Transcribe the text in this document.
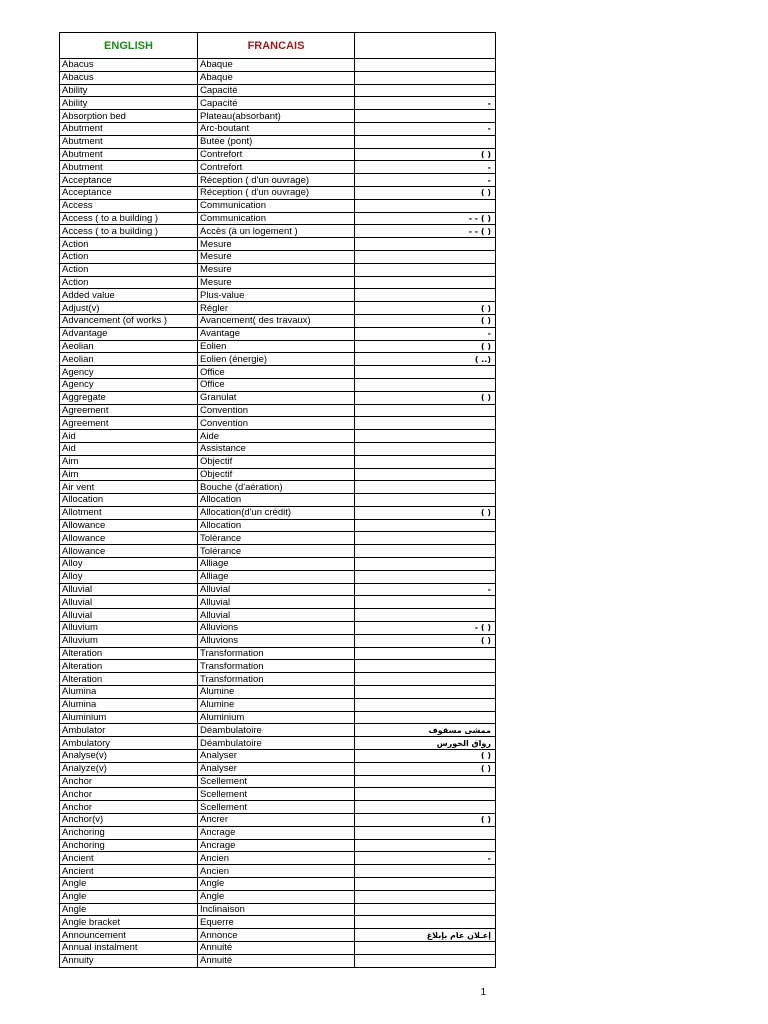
ENGLISH	FRANCAIS	
Abacus	Abaque	
Abacus	Abaque	
Ability	Capacité	
Ability	Capacité	-
Absorption bed	Plateau(absorbant)	
Abutment	Arc-boutant	-
Abutment	Butée (pont)	
Abutment	Contrefort	( )
Abutment	Contrefort	-
Acceptance	Réception ( d'un ouvrage)	-
Acceptance	Réception ( d'un ouvrage)	( )
Access	Communication	
Access ( to a building )	Communication	( ) - -
Access ( to a building )	Accès (à un logement )	( ) - -
Action	Mesure	
Action	Mesure	
Action	Mesure	
Action	Mesure	
Added value	Plus-value	
Adjust(v)	Régler	( )
Advancement (of works )	Avancement( des travaux)	( )
Advantage	Avantage	-
Aeolian	Eolien	( )
Aeolian	Eolien (énergie)	(.. )
Agency	Office	
Agency	Office	
Aggregate	Granulat	( )
Agreement	Convention	
Agreement	Convention	
Aid	Aide	
Aid	Assistance	
Aim	Objectif	
Aim	Objectif	
Air vent	Bouche (d'aération)	
Allocation	Allocation	
Allotment	Allocation(d'un crédit)	( )
Allowance	Allocation	
Allowance	Tolérance	
Allowance	Tolérance	
Alloy	Alliage	
Alloy	Alliage	
Alluvial	Alluvial	-
Alluvial	Alluvial	
Alluvial	Alluvial	
Alluvium	Alluvions	( ) -
Alluvium	Alluvions	( )
Alteration	Transformation	
Alteration	Transformation	
Alteration	Transformation	
Alumina	Alumine	
Alumina	Alumine	
Aluminium	Aluminium	
Ambulator	Déambulatoire	ممشى مسقوف
Ambulatory	Déambulatoire	رواق الخورس
Analyse(v)	Analyser	( )
Analyze(v)	Analyser	( )
Anchor	Scellement	
Anchor	Scellement	
Anchor	Scellement	
Anchor(v)	Ancrer	( )
Anchoring	Ancrage	
Anchoring	Ancrage	
Ancient	Ancien	-
Ancient	Ancien	
Angle	Angle	
Angle	Angle	
Angle	Inclinaison	
Angle bracket	Equerre	
Announcement	Annonce	إعـلان عام بإبلاغ
Annual instalment	Annuité	
Annuity	Annuité	
1
